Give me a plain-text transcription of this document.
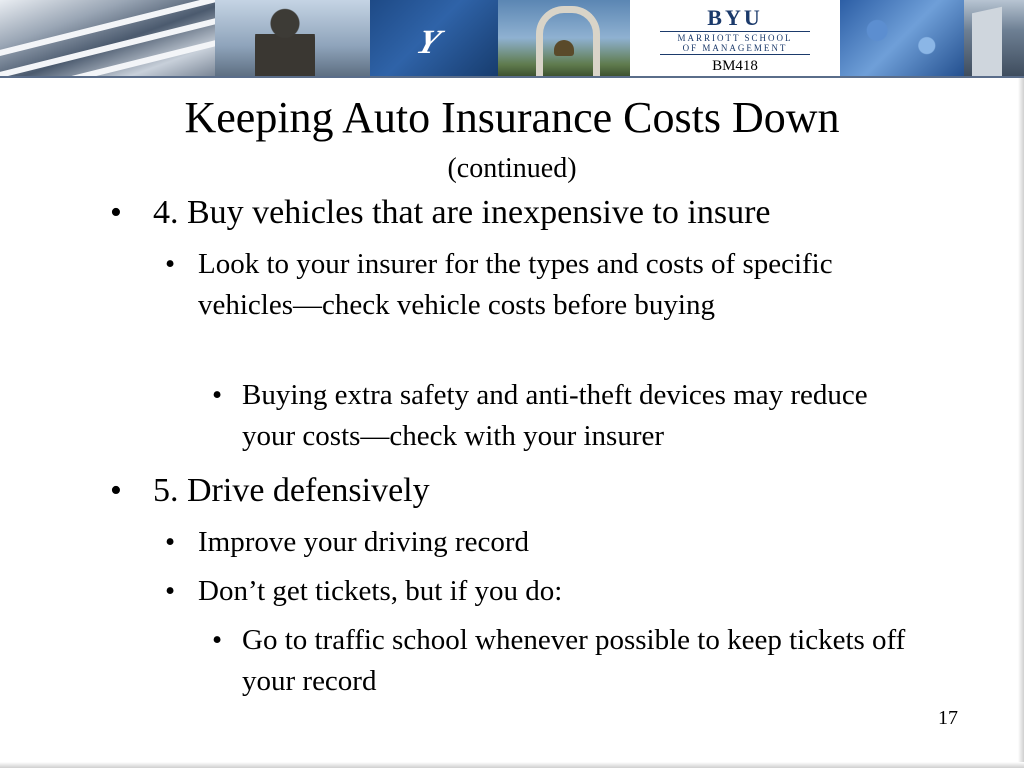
Y
BYU
MARRIOTT SCHOOL
OF MANAGEMENT
BM418
Keeping Auto Insurance Costs Down
(continued)
• 4. Buy vehicles that are inexpensive to insure
• Look to your insurer for the types and costs of specific vehicles—check vehicle costs before buying
• Buying extra safety and anti-theft devices may reduce your costs—check with your insurer
• 5. Drive defensively
• Improve your driving record
• Don’t get tickets, but if you do:
• Go to traffic school whenever possible to keep tickets off your record
17
